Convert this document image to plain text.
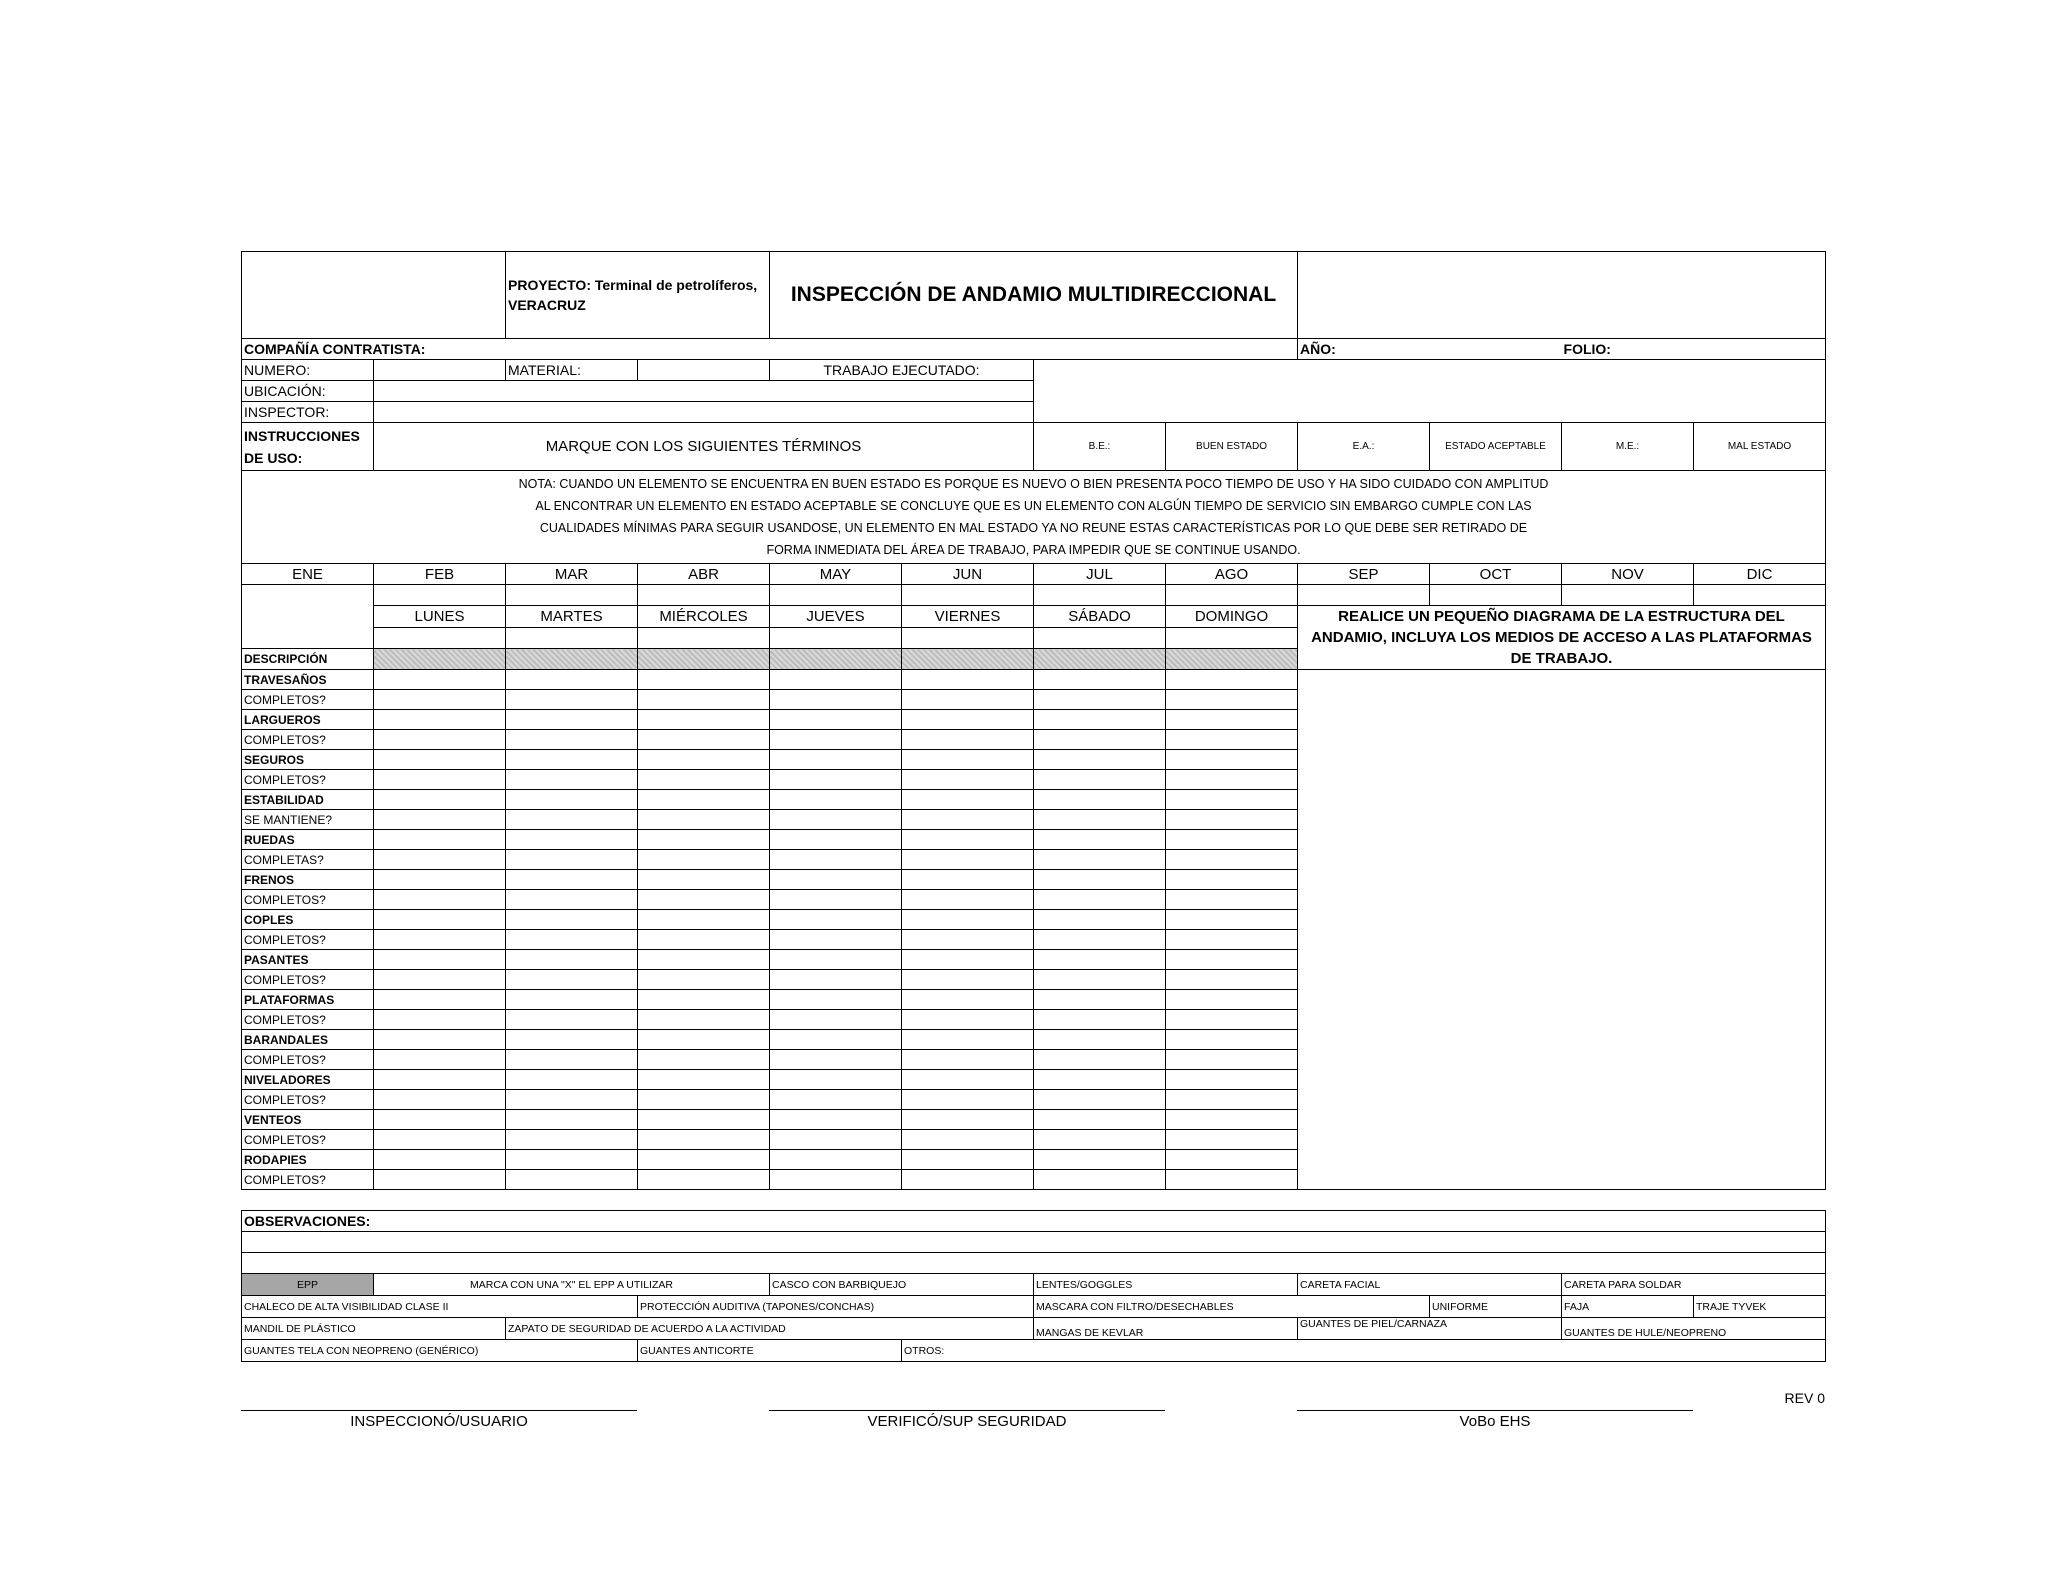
		PROYECTO: Terminal de petrolíferos, VERACRUZ		INSPECCIÓN DE ANDAMIO MULTIDIRECCIONAL							
COMPAÑÍA CONTRATISTA:								AÑO:		FOLIO:	
NUMERO:		MATERIAL:		TRABAJO EJECUTADO:							
UBICACIÓN:											
INSPECTOR:											
INSTRUCCIONES
DE USO:	MARQUE CON LOS SIGUIENTES TÉRMINOS					B.E.:	BUEN ESTADO	E.A.:	ESTADO ACEPTABLE	M.E.:	MAL ESTADO

NOTA: CUANDO UN ELEMENTO SE ENCUENTRA EN BUEN ESTADO ES PORQUE ES NUEVO O BIEN PRESENTA POCO TIEMPO DE USO Y HA SIDO CUIDADO CON AMPLITUD
AL ENCONTRAR UN ELEMENTO EN ESTADO ACEPTABLE SE CONCLUYE QUE ES UN ELEMENTO CON ALGÚN TIEMPO DE SERVICIO SIN EMBARGO CUMPLE CON LAS
CUALIDADES MÍNIMAS PARA SEGUIR USANDOSE, UN ELEMENTO EN MAL ESTADO YA NO REUNE ESTAS CARACTERÍSTICAS POR LO QUE DEBE SER RETIRADO DE
FORMA INMEDIATA DEL ÁREA DE TRABAJO, PARA IMPEDIR QUE SE CONTINUE USANDO.											

ENE	FEB	MAR	ABR	MAY	JUN	JUL	AGO	SEP	OCT	NOV	DIC

	LUNES	MARTES	MIÉRCOLES	JUEVES	VIERNES	SÁBADO	DOMINGO	REALICE UN PEQUEÑO DIAGRAMA DE LA ESTRUCTURA DEL ANDAMIO, INCLUYA LOS MEDIOS DE ACCESO A LAS PLATAFORMAS DE TRABAJO.			

DESCRIPCIÓN											
TRAVESAÑOS											
COMPLETOS?											
LARGUEROS											
COMPLETOS?											
SEGUROS											
COMPLETOS?											
ESTABILIDAD											
SE MANTIENE?											
RUEDAS											
COMPLETAS?											
FRENOS											
COMPLETOS?											
COPLES											
COMPLETOS?											
PASANTES											
COMPLETOS?											
PLATAFORMAS											
COMPLETOS?											
BARANDALES											
COMPLETOS?											
NIVELADORES											
COMPLETOS?											
VENTEOS											
COMPLETOS?											
RODAPIES											
COMPLETOS?											
OBSERVACIONES:										

EPP	MARCA CON UNA "X" EL EPP A UTILIZAR			CASCO CON BARBIQUEJO		LENTES/GOGGLES	CARETA FACIAL		CARETA PARA SOLDAR	
CHALECO DE ALTA VISIBILIDAD CLASE II			PROTECCIÓN AUDITIVA (TAPONES/CONCHAS)			MASCARA CON FILTRO/DESECHABLES		UNIFORME	FAJA	TRAJE TYVEK
MANDIL DE PLÁSTICO		ZAPATO DE SEGURIDAD DE ACUERDO A LA ACTIVIDAD				MANGAS DE KEVLAR	GUANTES DE PIEL/CARNAZA		GUANTES DE HULE/NEOPRENO	
GUANTES TELA CON NEOPRENO (GENÉRICO)			GUANTES ANTICORTE		OTROS:					
INSPECCIONÓ/USUARIO	VERIFICÓ/SUP SEGURIDAD	VoBo EHS
REV 0
